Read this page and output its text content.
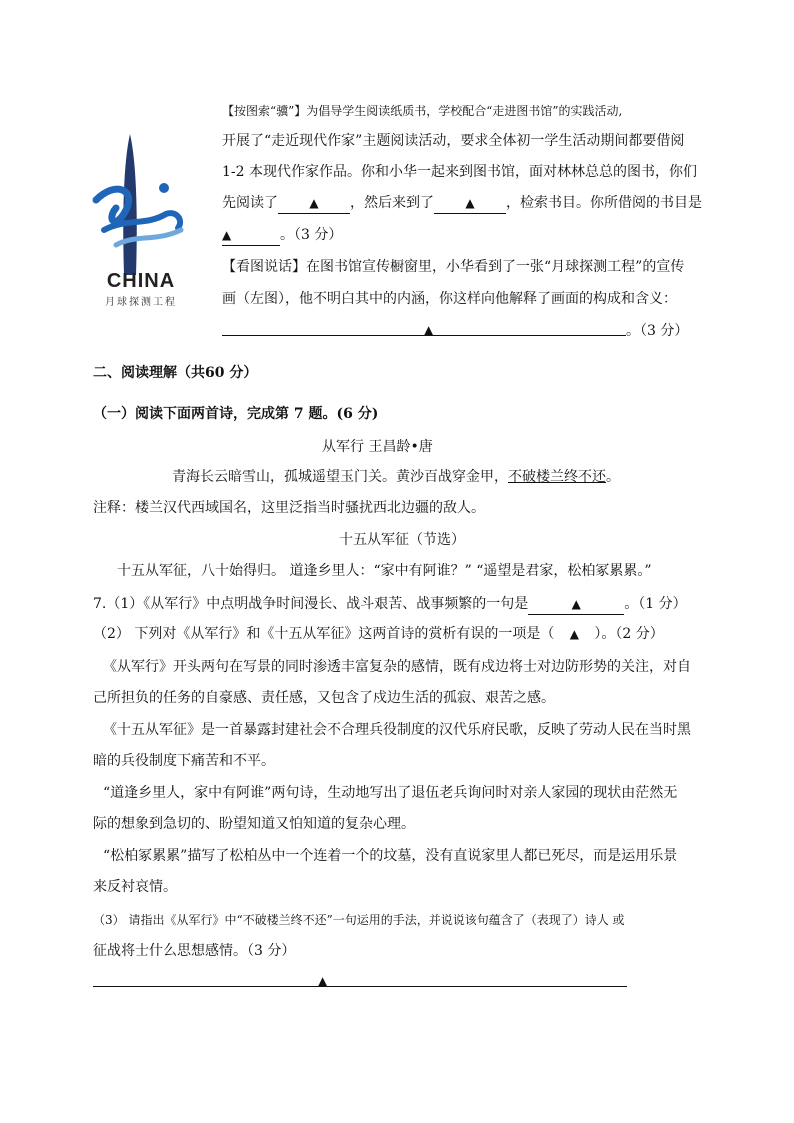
CHINA
月球探测工程
【按图索“骥”】为倡导学生阅读纸质书，学校配合“走进图书馆”的实践活动,
开展了“走近现代作家”主题阅读活动，要求全体初一学生活动期间都要借阅
1-2 本现代作家作品。你和小华一起来到图书馆，面对林林总总的图书，你们
先阅读了	▲ ，然后来到了	▲ ，检索书目。你所借阅的书目是
▲	。（3 分）
【看图说话】在图书馆宣传橱窗里，小华看到了一张“月球探测工程”的宣传
画（左图），他不明白其中的内涵，你这样向他解释了画面的构成和含义：
▲	。（3 分）
二、阅读理解（共60 分）
（一）阅读下面两首诗，完成第 7 题。(6 分)
从军行 王昌龄•唐
青海长云暗雪山，孤城遥望玉门关。黄沙百战穿金甲，不破楼兰终不还。
注释：楼兰汉代西域国名，这里泛指当时骚扰西北边疆的敌人。
十五从军征（节选）
十五从军征，八十始得归。 道逢乡里人：“家中有阿谁？” “遥望是君家，松柏冢累累。”
7.（1）《从军行》中点明战争时间漫长、战斗艰苦、战事频繁的一句是	▲	。（1 分）
（2） 下列对《从军行》和《十五从军征》这两首诗的赏析有误的一项是（ ▲ ）。（2 分）
《从军行》开头两句在写景的同时渗透丰富复杂的感情，既有戍边将士对边防形势的关注，对自
己所担负的任务的自豪感、责任感，又包含了戍边生活的孤寂、艰苦之感。
《十五从军征》是一首暴露封建社会不合理兵役制度的汉代乐府民歌，反映了劳动人民在当时黑
暗的兵役制度下痛苦和不平。
“道逢乡里人，家中有阿谁”两句诗，生动地写出了退伍老兵询问时对亲人家园的现状由茫然无
际的想象到急切的、盼望知道又怕知道的复杂心理。
“松柏冢累累”描写了松柏丛中一个连着一个的坟墓，没有直说家里人都已死尽，而是运用乐景
来反衬哀情。
（3） 请指出《从军行》中“不破楼兰终不还”一句运用的手法，并说说该句蕴含了（表现了）诗人 或
征战将士什么思想感情。（3 分）
▲
